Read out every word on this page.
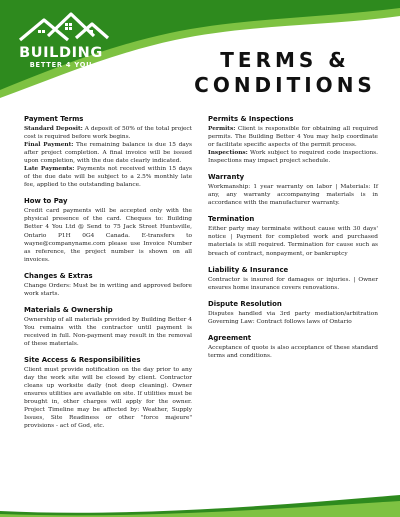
BUILDING
BETTER 4 YOU	TERMS &
CONDITIONS
Payment Terms

Standard Deposit: A deposit of 50% of the total project cost is required before work begins.

Final Payment: The remaining balance is due 15 days after project completion. A final invoice will be issued upon completion, with the due date clearly indicated.

Late Payments: Payments not received within 15 days of the due date will be subject to a 2.5% monthly late fee, applied to the outstanding balance.

How to Pay

Credit card payments will be accepted only with the physical presence of the card. Cheques to: Building Better 4 You Ltd @ Send to 75 Jack Street Huntsville, Ontario P1H 0G4 Canada. E-transfers to wayne@companyname.com please use Invoice Number as reference, the project number is shown on all invoices.

Changes & Extras

Change Orders: Must be in writing and approved before work starts.

Materials & Ownership

Ownership of all materials provided by Building Better 4 You remains with the contractor until payment is received in full. Non-payment may result in the removal of these materials.

Site Access & Responsibilities

Client must provide notification on the day prior to any day the work site will be closed by client. Contractor cleans up worksite daily (not deep cleaning). Owner ensures utilities are available on site. If utilities must be brought in, other charges will apply for the owner. Project Timeline may be affected by: Weather, Supply Issues, Site Readiness or other "force majeure" provisions - act of God, etc.

Permits & Inspections

Permits: Client is responsible for obtaining all required permits. The Building Better 4 You may help coordinate or facilitate specific aspects of the permit process.

Inspections: Work subject to required code inspections. Inspections may impact project schedule.

Warranty

Workmanship: 1 year warranty on labor | Materials: If any, any warranty accompanying materials is in accordance with the manufacturer warranty.

Termination

Either party may terminate without cause with 30 days' notice | Payment for completed work and purchased materials is still required. Termination for cause such as breach of contract, nonpayment, or bankruptcy

Liability & Insurance

Contractor is insured for damages or injuries. | Owner ensures home insurance covers renovations.

Dispute Resolution

Disputes handled via 3rd party mediation/arbitration Governing Law: Contract follows laws of Ontario

Agreement

Acceptance of quote is also acceptance of these standard terms and conditions.
